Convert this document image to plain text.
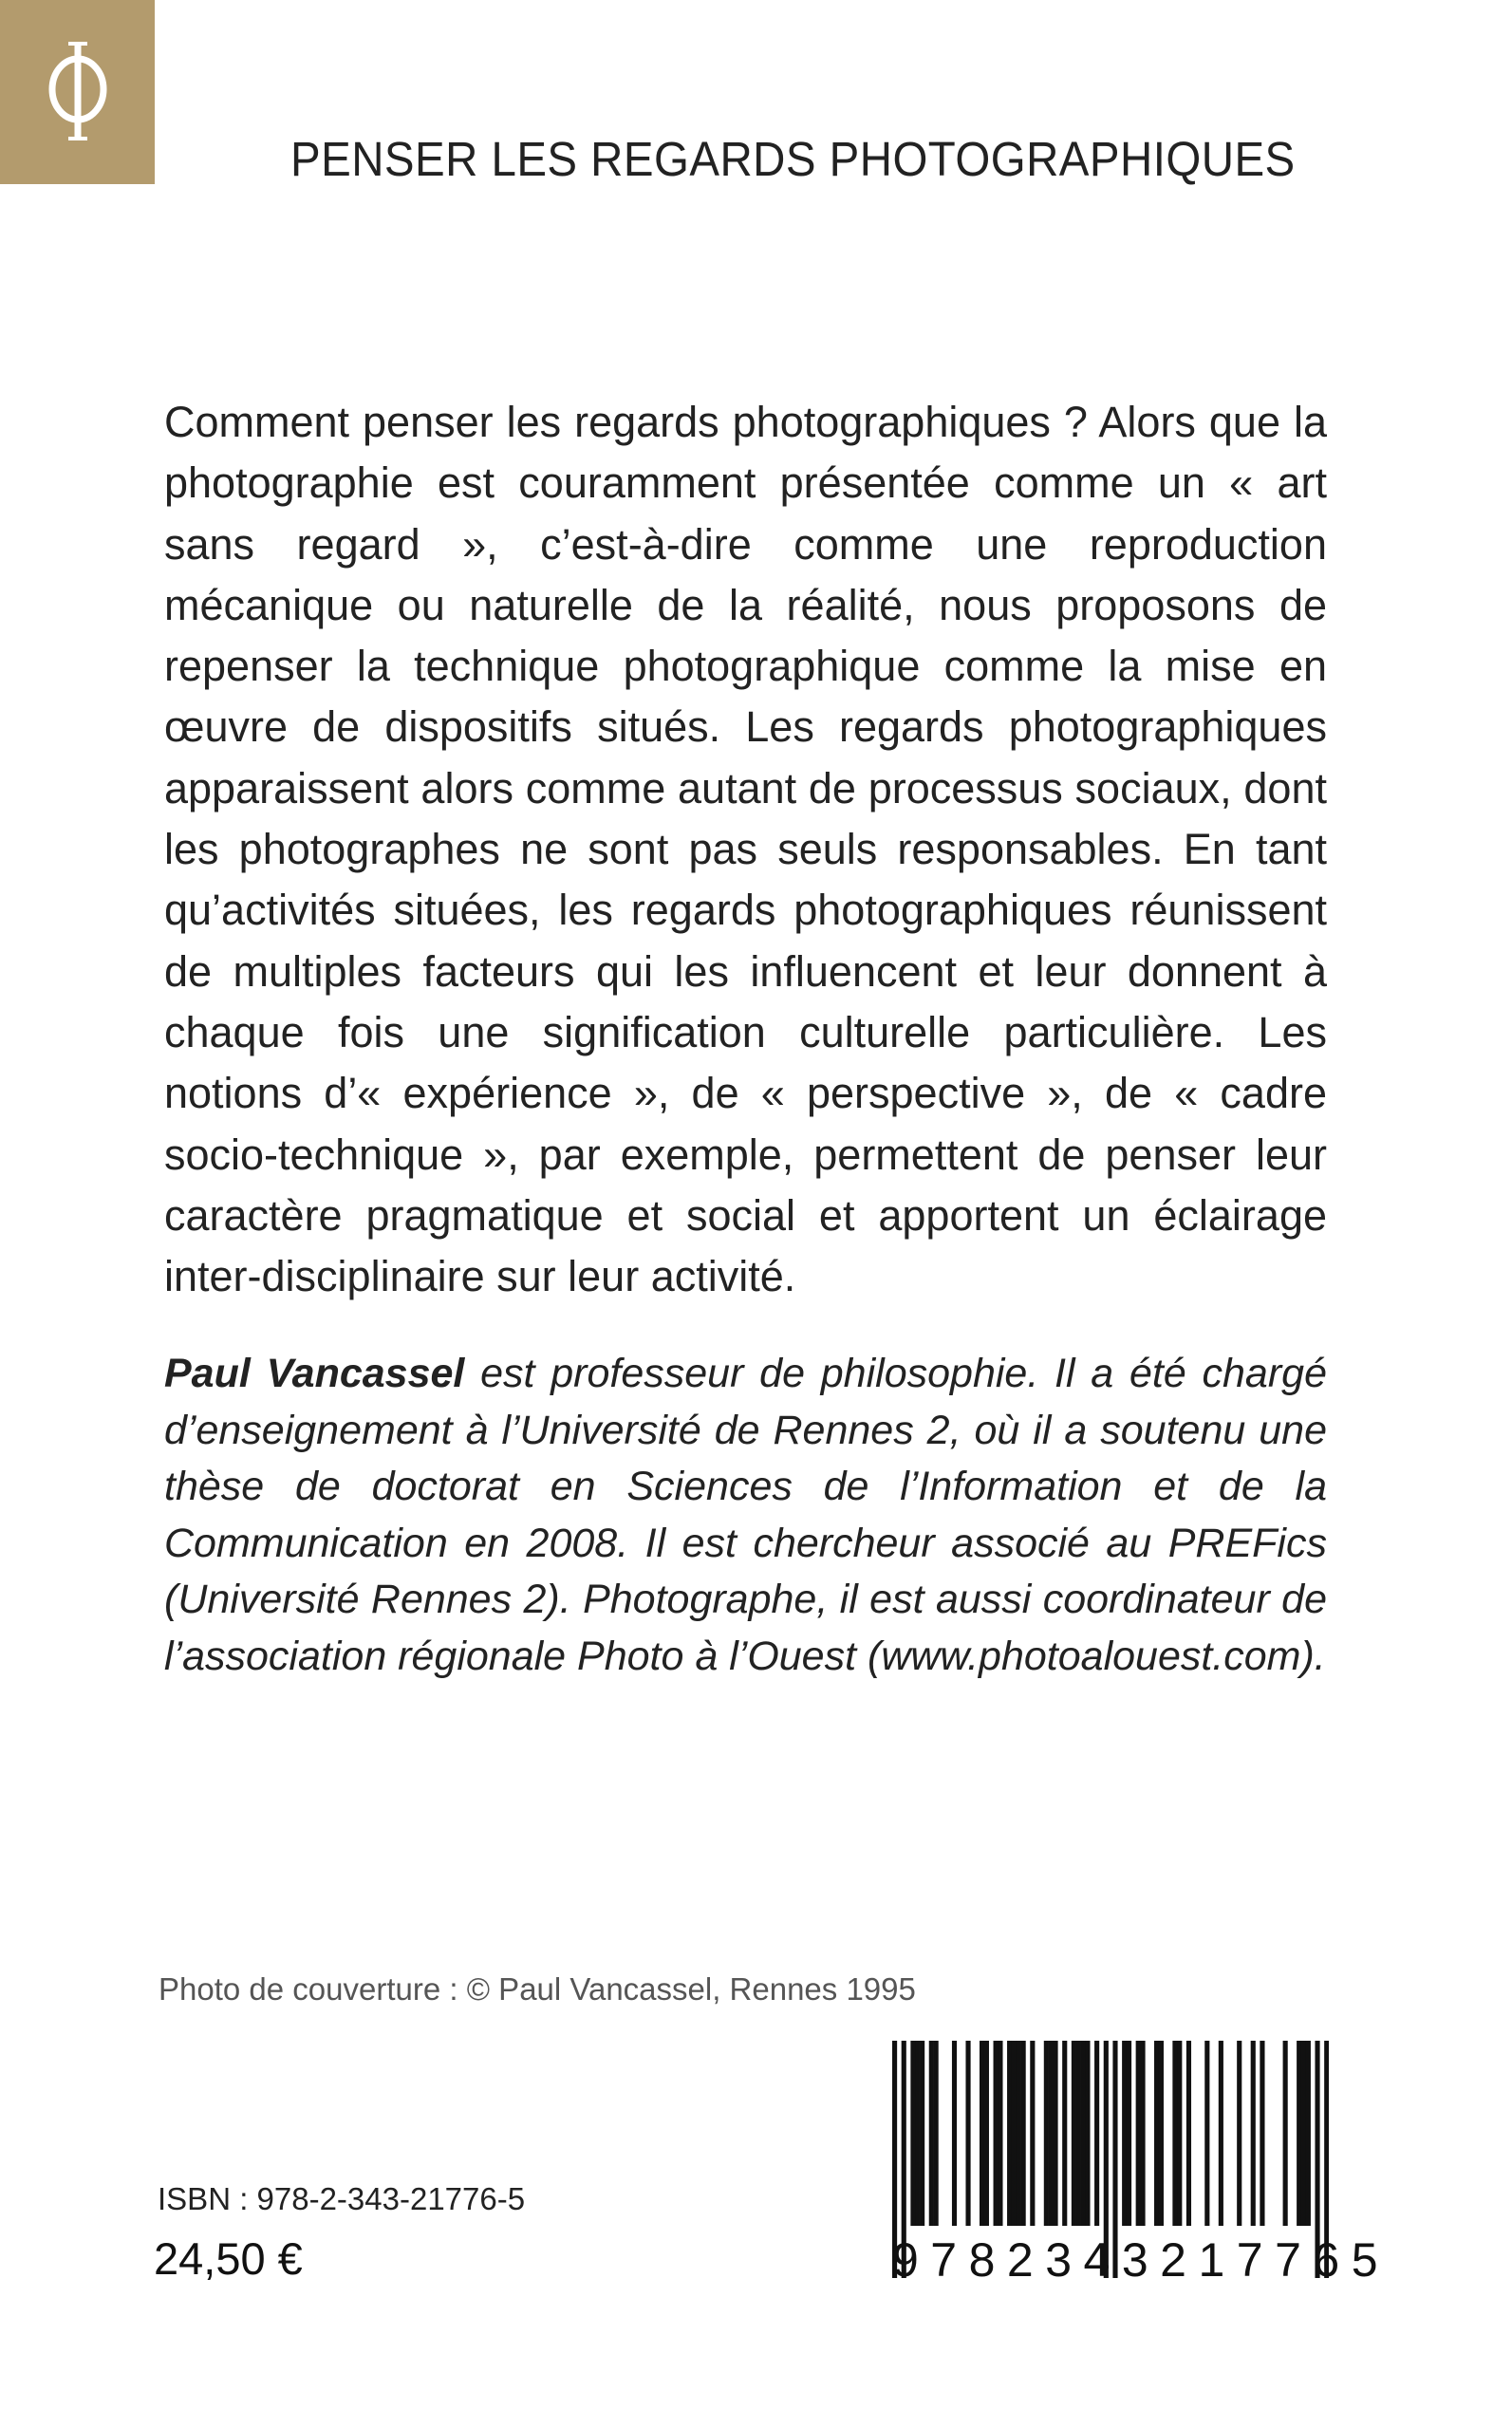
PENSER LES REGARDS PHOTOGRAPHIQUES

Comment penser les regards photographiques ? Alors que la photographie est couramment présentée comme un « art sans regard », c’est-à-dire comme une reproduction mécanique ou naturelle de la réalité, nous proposons de repenser la technique photographique comme la mise en œuvre de dispositifs situés. Les regards photographiques apparaissent alors comme autant de processus sociaux, dont les photographes ne sont pas seuls responsables. En tant qu’activités situées, les regards photographiques réunissent de multiples facteurs qui les influencent et leur donnent à chaque fois une signification culturelle particulière. Les notions d’« expérience », de « perspective », de « cadre socio-technique », par exemple, permettent de penser leur caractère pragmatique et social et apportent un éclairage inter-disciplinaire sur leur activité.

Paul Vancassel est professeur de philosophie. Il a été chargé d’enseignement à l’Université de Rennes 2, où il a soutenu une thèse de doctorat en Sciences de l’Information et de la Communication en 2008. Il est chercheur associé au PREFics (Université Rennes 2). Photographe, il est aussi coordinateur de l’association régionale Photo à l’Ouest (www.photoalouest.com).

Photo de couverture : © Paul Vancassel, Rennes 1995
ISBN : 978-2-343-21776-5
24,50 €	9782343217765
